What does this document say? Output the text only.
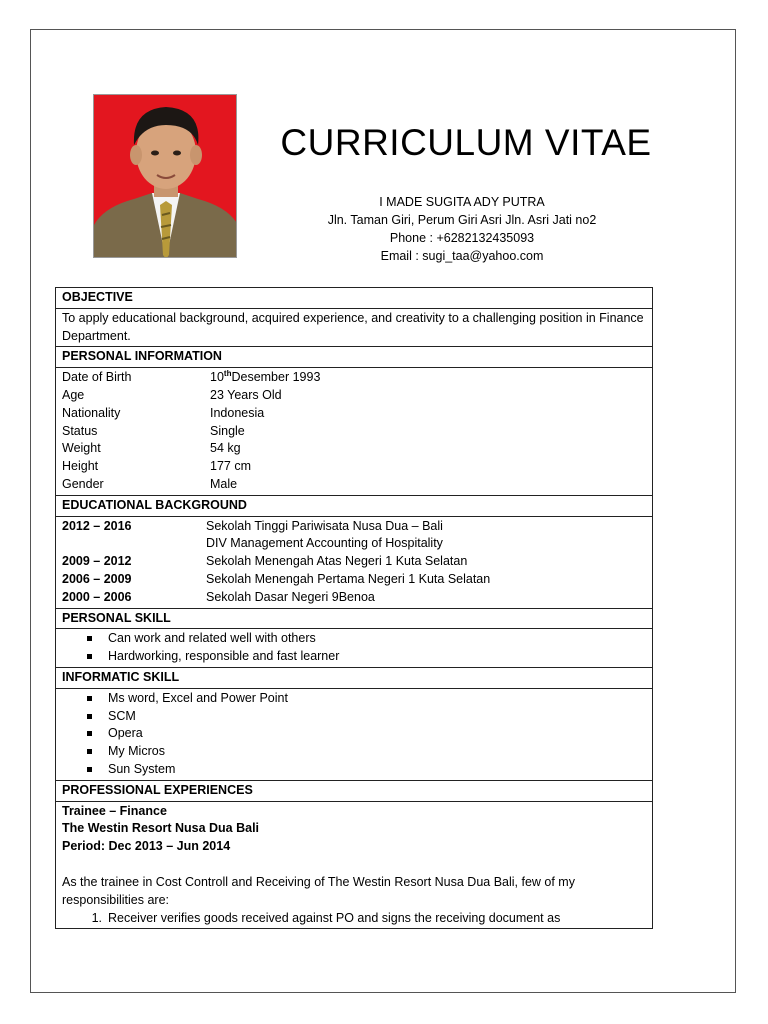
CURRICULUM VITAE
I MADE SUGITA ADY PUTRA
Jln. Taman Giri, Perum Giri Asri Jln. Asri Jati no2
Phone : +6282132435093
Email : sugi_taa@yahoo.com
OBJECTIVE
To apply educational background, acquired experience, and creativity to a challenging position in Finance Department.
PERSONAL INFORMATION

Date of Birth	10thDesember 1993
Age	23 Years Old
Nationality	Indonesia
Status	Single
Weight	54 kg
Height	177 cm
Gender	Male

EDUCATIONAL BACKGROUND

2012 – 2016	Sekolah Tinggi Pariwisata Nusa Dua – Bali
DIV Management Accounting of Hospitality
2009 – 2012	Sekolah Menengah Atas Negeri 1 Kuta Selatan
2006 – 2009	Sekolah Menengah Pertama Negeri 1 Kuta Selatan
2000 – 2006	Sekolah Dasar Negeri 9Benoa

PERSONAL SKILL

Can work and related well with others
Hardworking, responsible and fast learner

INFORMATIC SKILL

Ms word, Excel and Power Point
SCM
Opera
My Micros
Sun System

PROFESSIONAL EXPERIENCES

Trainee – Finance
The Westin Resort Nusa Dua Bali
Period: Dec 2013 – Jun 2014
As the trainee in Cost Controll and Receiving of The Westin Resort Nusa Dua Bali, few of my
responsibilities are:
1. Receiver verifies goods received against PO and signs the receiving document as
